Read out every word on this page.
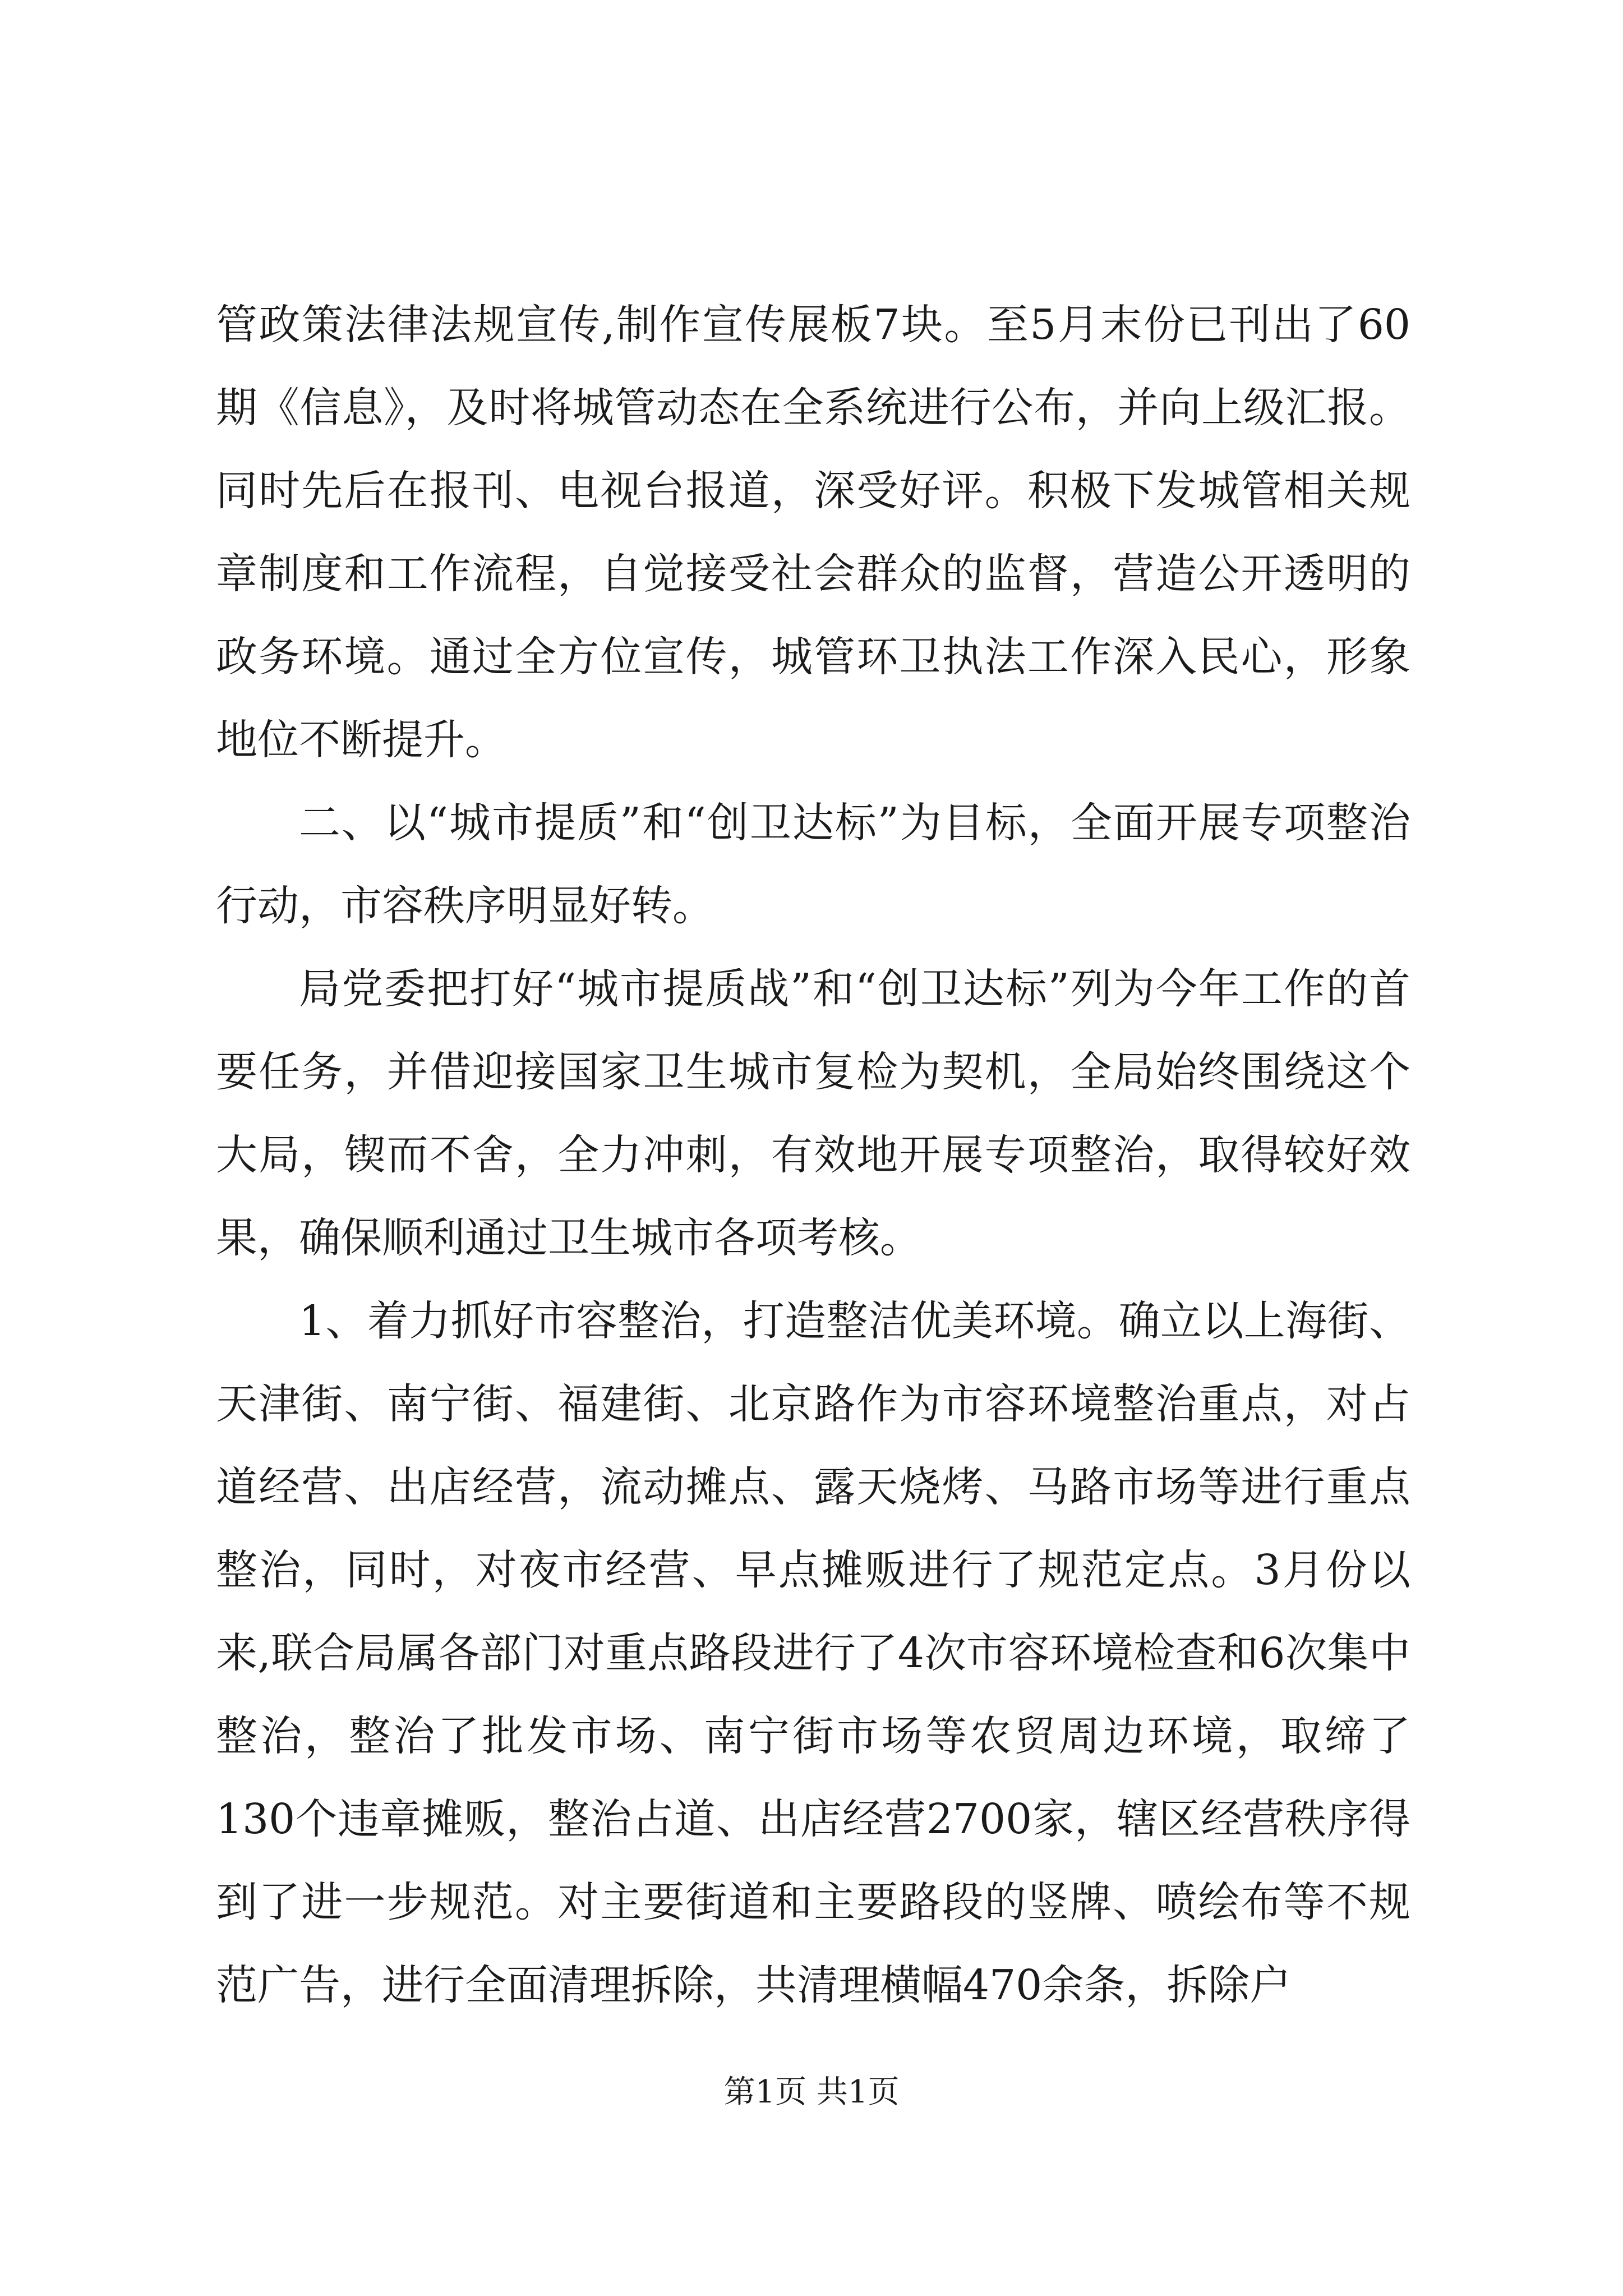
管政策法律法规宣传,制作宣传展板7块。至5月末份已刊出了60期《信息》，及时将城管动态在全系统进行公布，并向上级汇报。同时先后在报刊、电视台报道，深受好评。积极下发城管相关规章制度和工作流程，自觉接受社会群众的监督，营造公开透明的政务环境。通过全方位宣传，城管环卫执法工作深入民心，形象地位不断提升。

二、以“城市提质”和“创卫达标”为目标，全面开展专项整治行动，市容秩序明显好转。

局党委把打好“城市提质战”和“创卫达标”列为今年工作的首要任务，并借迎接国家卫生城市复检为契机，全局始终围绕这个大局，锲而不舍，全力冲刺，有效地开展专项整治，取得较好效果，确保顺利通过卫生城市各项考核。

1、着力抓好市容整治，打造整洁优美环境。确立以上海街、天津街、南宁街、福建街、北京路作为市容环境整治重点，对占道经营、出店经营，流动摊点、露天烧烤、马路市场等进行重点整治，同时，对夜市经营、早点摊贩进行了规范定点。3月份以来,联合局属各部门对重点路段进行了4次市容环境检查和6次集中整治，整治了批发市场、南宁街市场等农贸周边环境，取缔了130个违章摊贩，整治占道、出店经营2700家，辖区经营秩序得到了进一步规范。对主要街道和主要路段的竖牌、喷绘布等不规范广告，进行全面清理拆除，共清理横幅470余条，拆除户

第1页 共1页
